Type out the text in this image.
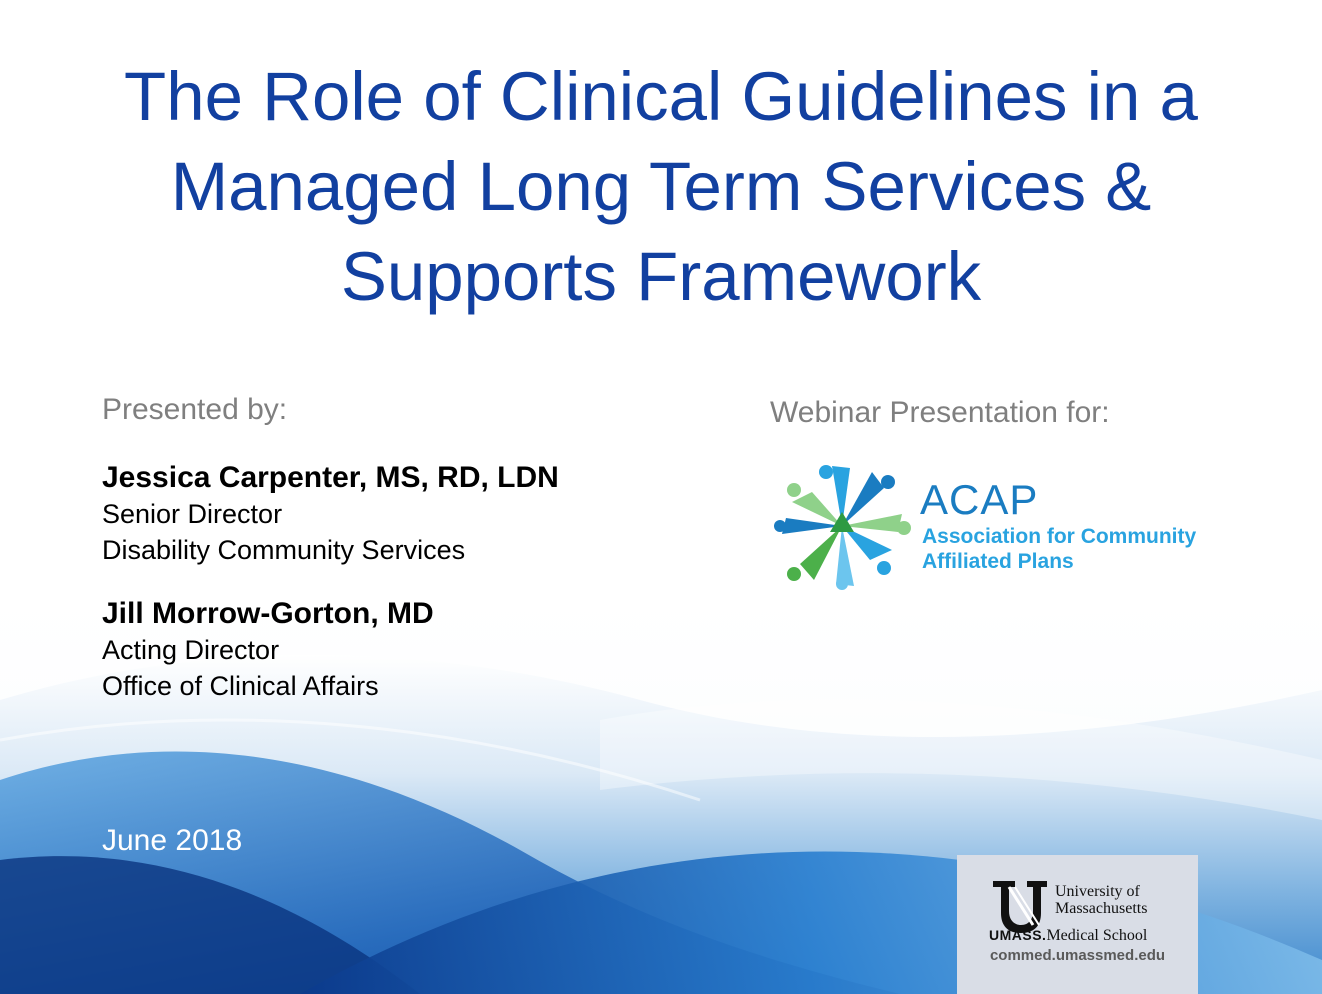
The Role of Clinical Guidelines in a
Managed Long Term Services &
Supports Framework
Presented by:
Jessica Carpenter, MS, RD, LDN
Senior Director
Disability Community Services
Jill Morrow-Gorton, MD
Acting Director
Office of Clinical Affairs
June 2018
Webinar Presentation for:
ACAP
Association for Community
Affiliated Plans
University of
Massachusetts
UMASS.Medical School
commed.umassmed.edu
